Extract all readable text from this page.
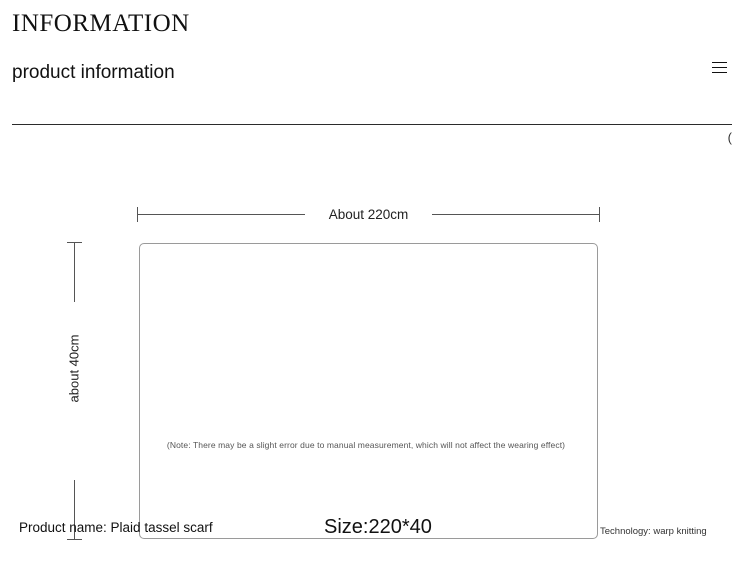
INFORMATION
product information
(
About 220cm
about 40cm
(Note: There may be a slight error due to manual measurement, which will not affect the wearing effect)
Product name: Plaid tassel scarf	Size:220*40	Technology: warp knitting
